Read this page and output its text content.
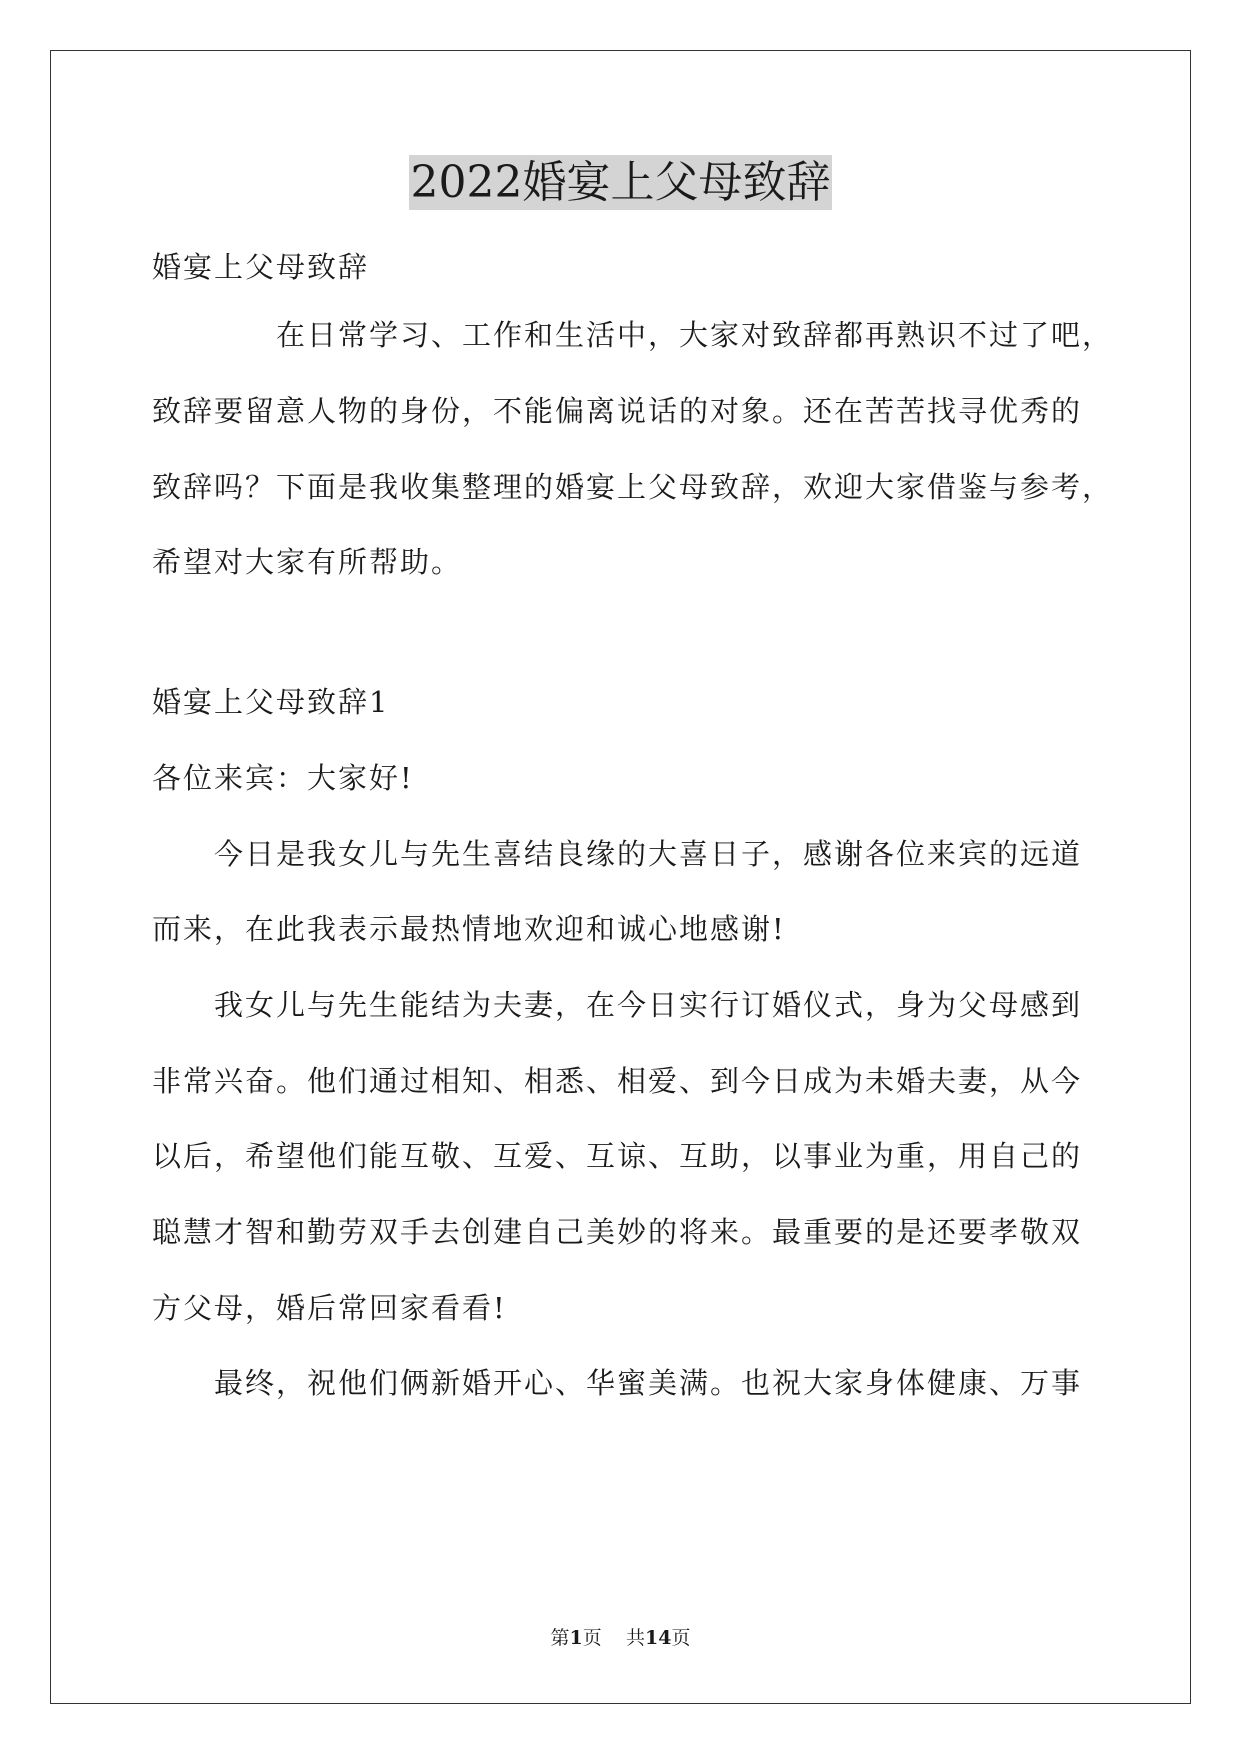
2022婚宴上父母致辞
婚宴上父母致辞
在日常学习、工作和生活中，大家对致辞都再熟识不过了吧，
致辞要留意人物的身份，不能偏离说话的对象。还在苦苦找寻优秀的
致辞吗？下面是我收集整理的婚宴上父母致辞，欢迎大家借鉴与参考，
希望对大家有所帮助。
婚宴上父母致辞1
各位来宾：大家好!
今日是我女儿与先生喜结良缘的大喜日子，感谢各位来宾的远道
而来，在此我表示最热情地欢迎和诚心地感谢!
我女儿与先生能结为夫妻，在今日实行订婚仪式，身为父母感到
非常兴奋。他们通过相知、相悉、相爱、到今日成为未婚夫妻，从今
以后，希望他们能互敬、互爱、互谅、互助，以事业为重，用自己的
聪慧才智和勤劳双手去创建自己美妙的将来。最重要的是还要孝敬双
方父母，婚后常回家看看!
最终，祝他们俩新婚开心、华蜜美满。也祝大家身体健康、万事
第1页 共14页
